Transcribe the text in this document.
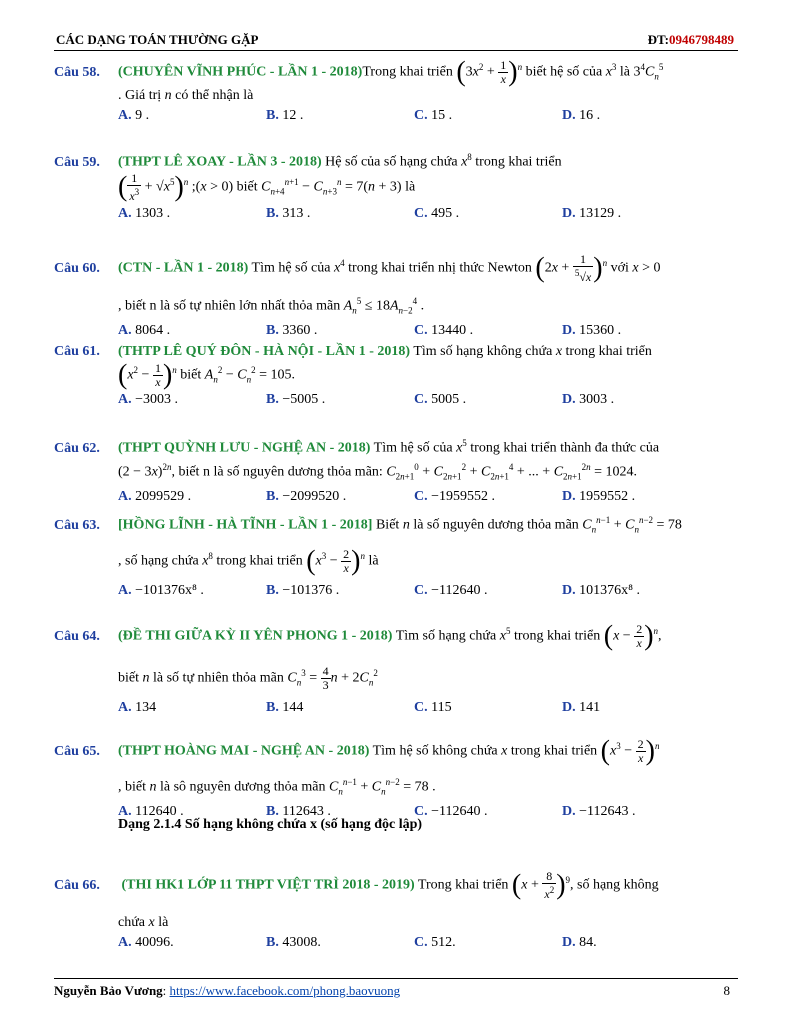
CÁC DẠNG TOÁN THƯỜNG GẶP	ĐT:0946798489
Câu 58. (CHUYÊN VĨNH PHÚC - LẦN 1 - 2018)Trong khai triển $(3x^2 + \frac{1}{x} )^n$ biết hệ số của $x^3$ là $3^4C_n^5$
. Giá trị n có thể nhận là
A. 9 .	B. 12 .	C. 15 .	D. 16 .
Câu 59. (THPT LÊ XOAY - LẦN 3 - 2018) Hệ số của số hạng chứa $x^8$ trong khai triển
( $\frac{1}{x^3} + √x^5)^n$ ;(x > 0) biết $C_{n+4}^{n+1} - C_{n+3}^n = 7(n + 3)$ là
A. 1303 .	B. 313 .	C. 495 .	D. 13129 .
Câu 60. (CTN - LẦN 1 - 2018) Tìm hệ số của $x^4$ trong khai triển nhị thức Newton $(2x + \frac{1}{^5√x} )^n$ với x > 0
, biết n là số tự nhiên lớn nhất thỏa mãn $A_n^5 \le 18A_{n-2}^4$ .
A. 8064 .	B. 3360 .	C. 13440 .	D. 15360 .
Câu 61. (THTP LÊ QUÝ ĐÔN - HÀ NỘI - LẦN 1 - 2018) Tìm số hạng không chứa x trong khai triển
$(x^2 - \frac{1}{x} )^n$ biết $A_n^2 - C_n^2 = 105$.
A. −3003 .	B. −5005 .	C. 5005 .	D. 3003 .
Câu 62. (THPT QUỲNH LƯU - NGHỆ AN - 2018) Tìm hệ số của $x^5$ trong khai triển thành đa thức của
$(2 - 3x)^{2n}$, biết n là số nguyên dương thỏa mãn: $C_{2n+1}^0 + C_{2n+1}^2 + C_{2n+1}^4$ + ... + $C_{2n+1}^{2n} = 1024$.
A. 2099529 .	B. −2099520 .	C. −1959552 .	D. 1959552 .
Câu 63. [HỒNG LĨNH - HÀ TĨNH - LẦN 1 - 2018] Biết n là số nguyên dương thỏa mãn $C_n^{n-1} + C_n^{n-2} = 78$
, số hạng chứa $x^8$ trong khai triển $(x^3 - \frac{2}{x} )^n$ là
A. −101376x⁸ .	B. −101376 .	C. −112640 .	D. 101376x⁸ .
Câu 64. (ĐỀ THI GIỮA KỲ II YÊN PHONG 1 - 2018) Tìm số hạng chứa $x^5$ trong khai triển $(x - \frac{2}{x} )^n$,
biết n là số tự nhiên thỏa mãn $C_n^3 = \frac{4}{3}$ $n + 2C_n^2$
A. 134	B. 144	C. 115	D. 141
Câu 65. (THPT HOÀNG MAI - NGHỆ AN - 2018) Tìm hệ số không chứa x trong khai triển $(x^3 - \frac{2}{x} )^n$
, biết n là sô nguyên dương thỏa mãn $C_n^{n-1} + C_n^{n-2} = 78$ .
A. 112640 .	B. 112643 .	C. −112640 .	D. −112643 .
Dạng 2.1.4 Số hạng không chứa x (số hạng độc lập)
Câu 66. (THI HK1 LỚP 11 THPT VIỆT TRÌ 2018 - 2019) Trong khai triển $(x + \frac{8}{x^2} )^9$, số hạng không
chứa x là
A. 40096.	B. 43008.	C. 512.	D. 84.
Nguyễn Bảo Vương: https://www.facebook.com/phong.baovuong	8
